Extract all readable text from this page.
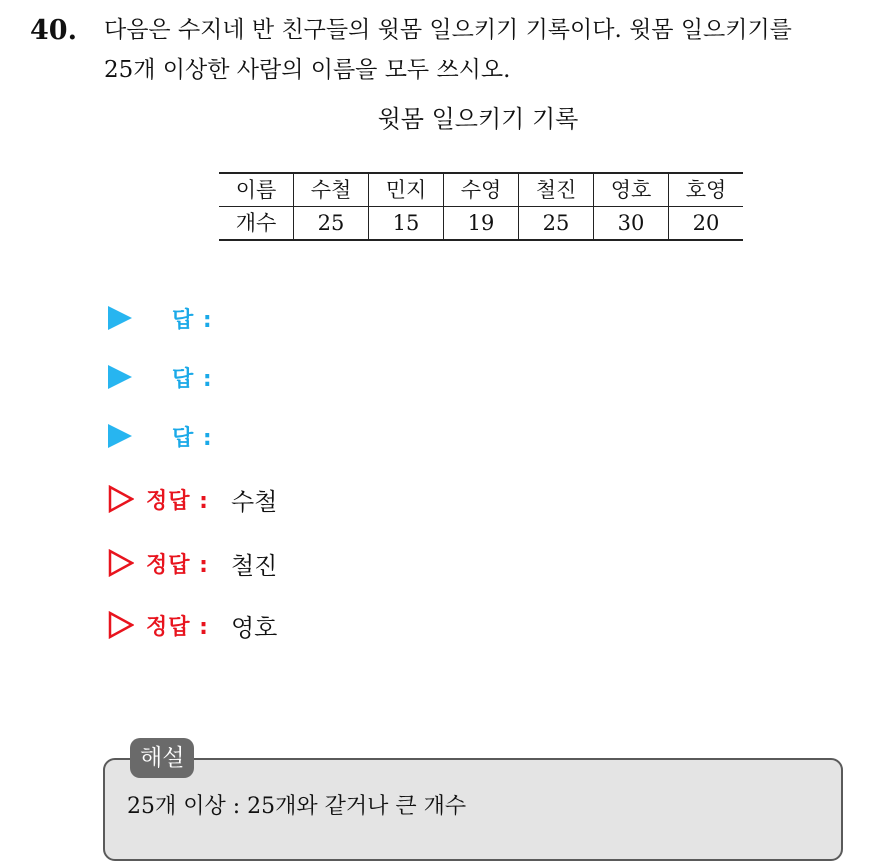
40. 다음은 수지네 반 친구들의 윗몸 일으키기 기록이다. 윗몸 일으키기를
25개 이상한 사람의 이름을 모두 쓰시오.
윗몸 일으키기 기록
이름	수철	민지	수영	철진	영호	호영
개수	25	15	19	25	30	20
답 :
답 :
답 :
정답 : 수철
정답 : 철진
정답 : 영호
해설
25개 이상 : 25개와 같거나 큰 개수
